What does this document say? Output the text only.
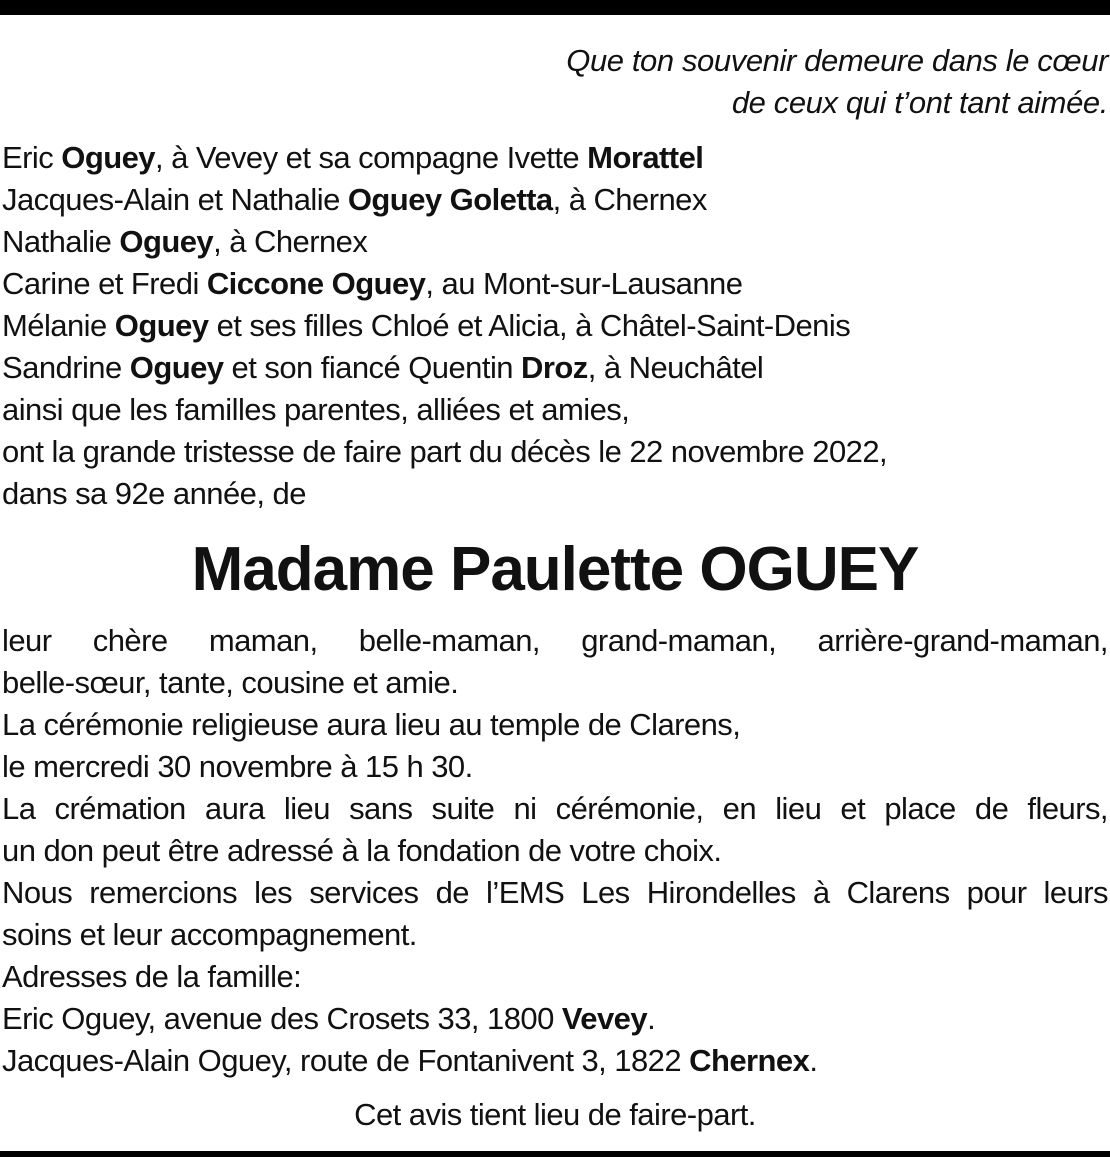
Que ton souvenir demeure dans le cœur
de ceux qui t’ont tant aimée.
Eric Oguey, à Vevey et sa compagne Ivette Morattel
Jacques-Alain et Nathalie Oguey Goletta, à Chernex
Nathalie Oguey, à Chernex
Carine et Fredi Ciccone Oguey, au Mont-sur-Lausanne
Mélanie Oguey et ses filles Chloé et Alicia, à Châtel-Saint-Denis
Sandrine Oguey et son fiancé Quentin Droz, à Neuchâtel
ainsi que les familles parentes, alliées et amies,
ont la grande tristesse de faire part du décès le 22 novembre 2022,
dans sa 92e année, de
Madame Paulette OGUEY
leur chère maman, belle-maman, grand-maman, arrière-grand-maman,
belle-sœur, tante, cousine et amie.
La cérémonie religieuse aura lieu au temple de Clarens,
le mercredi 30 novembre à 15 h 30.
La crémation aura lieu sans suite ni cérémonie, en lieu et place de fleurs,
un don peut être adressé à la fondation de votre choix.
Nous remercions les services de l’EMS Les Hirondelles à Clarens pour leurs
soins et leur accompagnement.
Adresses de la famille:
Eric Oguey, avenue des Crosets 33, 1800 Vevey.
Jacques-Alain Oguey, route de Fontanivent 3, 1822 Chernex.
Cet avis tient lieu de faire-part.
